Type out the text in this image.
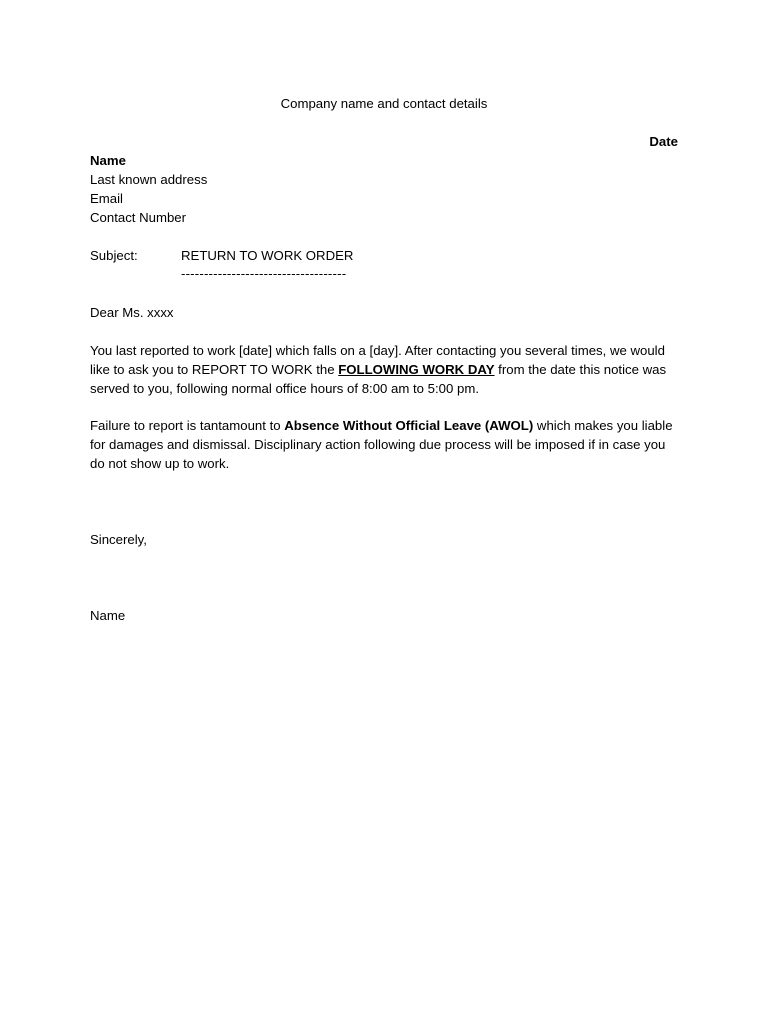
Company name and contact details
Date
Name
Last known address
Email
Contact Number
Subject:	RETURN TO WORK ORDER
------------------------------------
Dear Ms. xxxx
You last reported to work [date] which falls on a [day]. After contacting you several times, we would like to ask you to REPORT TO WORK the FOLLOWING WORK DAY from the date this notice was served to you, following normal office hours of 8:00 am to 5:00 pm.
Failure to report is tantamount to Absence Without Official Leave (AWOL) which makes you liable for damages and dismissal. Disciplinary action following due process will be imposed if in case you do not show up to work.
Sincerely,
Name
